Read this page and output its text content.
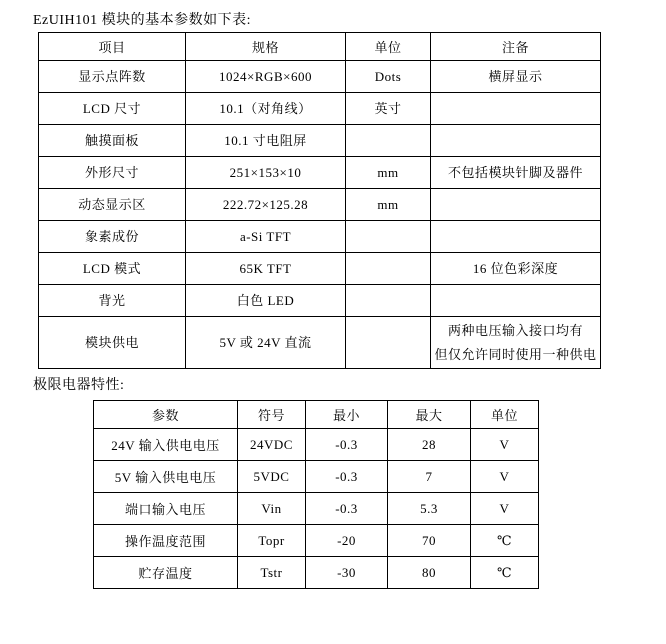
EzUIH101 模块的基本参数如下表:
项目	规格	单位	注备

显示点阵数	1024×RGB×600	Dots	横屏显示

LCD 尺寸	10.1（对角线）	英寸	

触摸面板	10.1 寸电阻屏		

外形尺寸	251×153×10	mm	不包括模块针脚及器件

动态显示区	222.72×125.28	mm	

象素成份	a-Si TFT		

LCD 模式	65K TFT		16 位色彩深度

背光	白色 LED		

模块供电	5V 或 24V 直流		两种电压输入接口均有
但仅允许同时使用一种供电
极限电器特性:
参数	符号	最小	最大	单位

24V 输入供电电压	24VDC	-0.3	28	V

5V 输入供电电压	5VDC	-0.3	7	V

端口输入电压	Vin	-0.3	5.3	V

操作温度范围	Topr	-20	70	℃

贮存温度	Tstr	-30	80	℃
